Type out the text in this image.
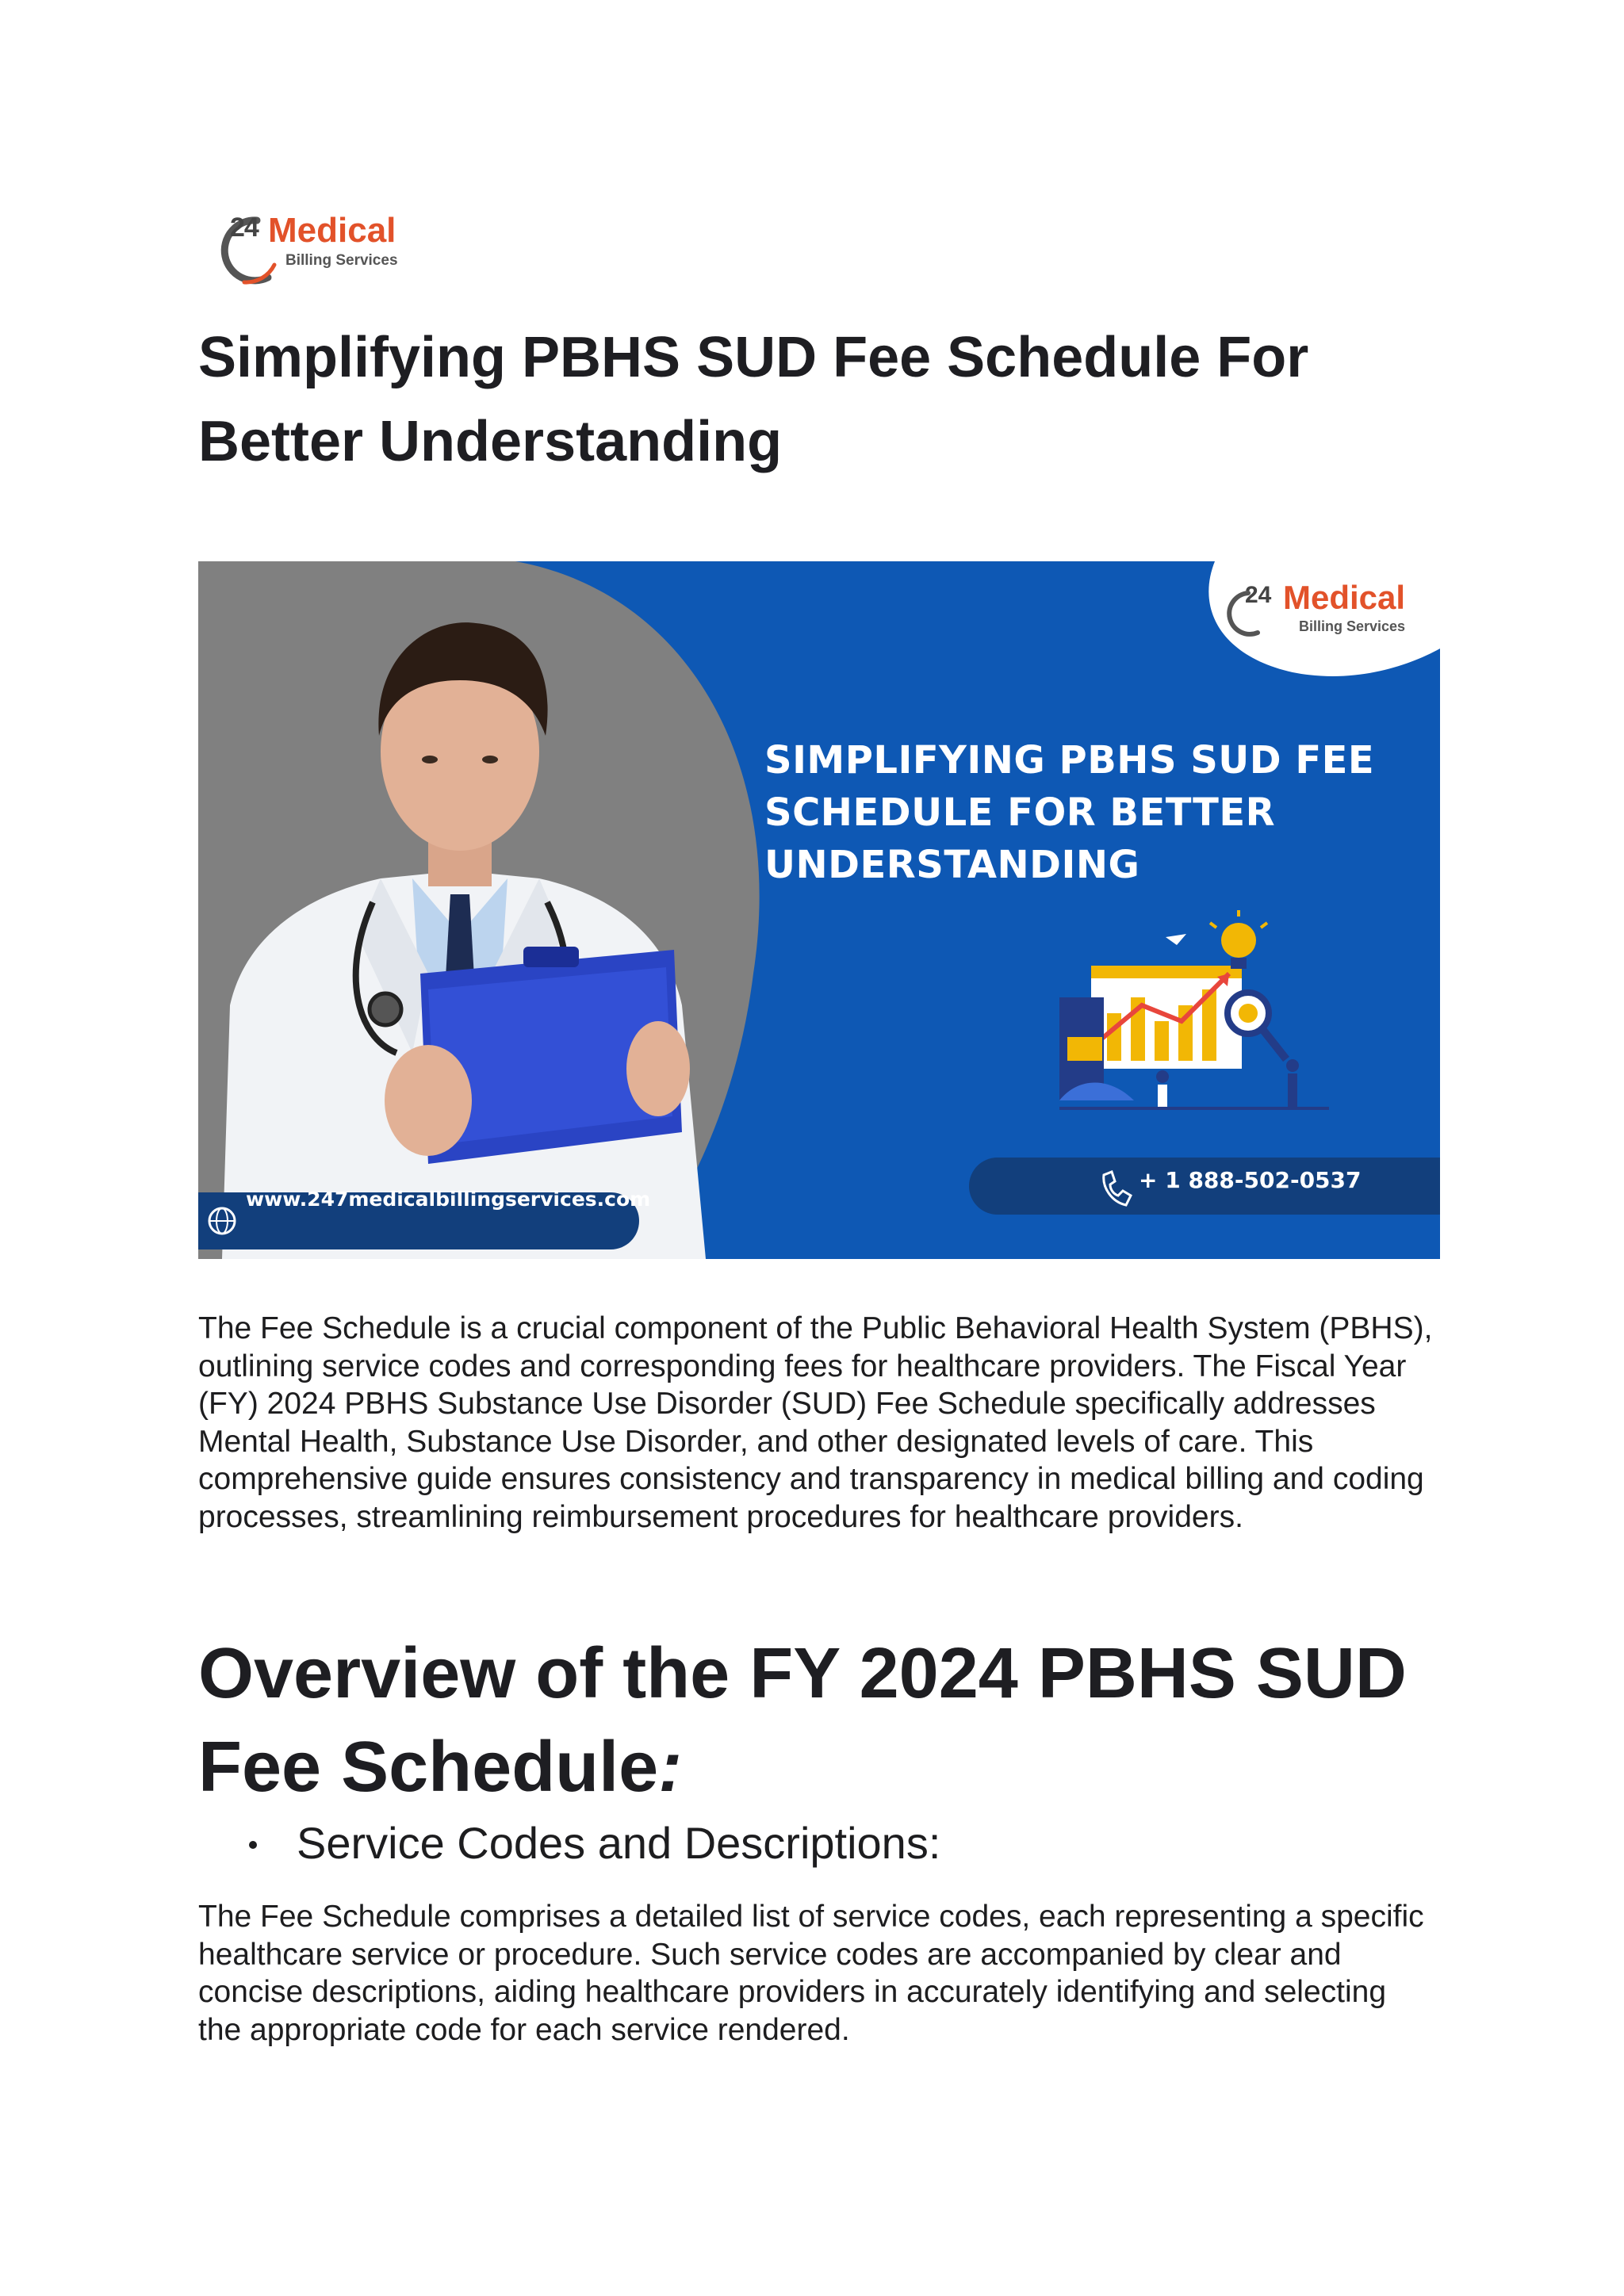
24 Medical
Billing Services
Simplifying PBHS SUD Fee Schedule For Better Understanding
24 Medical
Billing Services
SIMPLIFYING PBHS SUD FEE SCHEDULE FOR BETTER UNDERSTANDING
www.247medicalbillingservices.com
+ 1 888-502-0537

The Fee Schedule is a crucial component of the Public Behavioral Health System (PBHS), outlining service codes and corresponding fees for healthcare providers. The Fiscal Year (FY) 2024 PBHS Substance Use Disorder (SUD) Fee Schedule specifically addresses Mental Health, Substance Use Disorder, and other designated levels of care. This comprehensive guide ensures consistency and transparency in medical billing and coding processes, streamlining reimbursement procedures for healthcare providers.

Overview of the FY 2024 PBHS SUD Fee Schedule:
Service Codes and Descriptions:

The Fee Schedule comprises a detailed list of service codes, each representing a specific healthcare service or procedure. Such service codes are accompanied by clear and concise descriptions, aiding healthcare providers in accurately identifying and selecting the appropriate code for each service rendered.
